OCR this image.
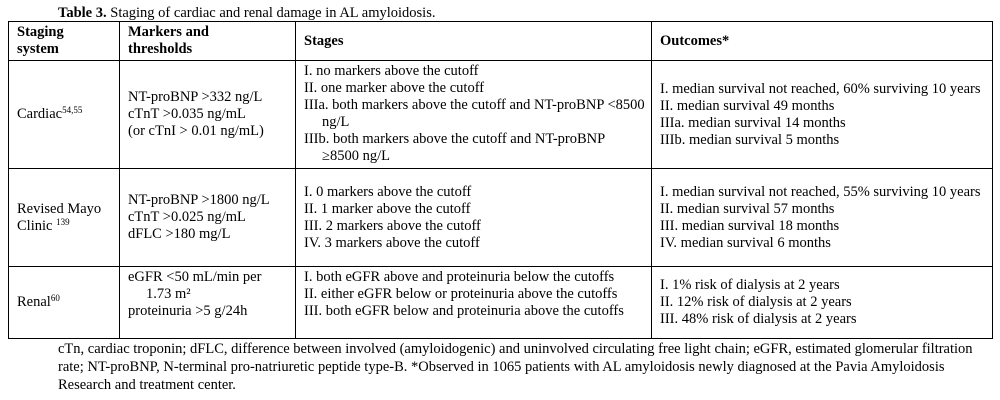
Table 3. Staging of cardiac and renal damage in AL amyloidosis.
Staging
system	Markers and
thresholds	Stages	Outcomes*
Cardiac$^{54,55}$	NT-proBNP >332 ng/L
cTnT >0.035 ng/mL
(or cTnI > 0.01 ng/mL)	I. no markers above the cutoff
II. one marker above the cutoff
IIIa. both markers above the cutoff and NT-proBNP <8500 ng/L
IIIb. both markers above the cutoff and NT-proBNP ≥8500 ng/L	I. median survival not reached, 60% surviving 10 years
II. median survival 49 months
IIIa. median survival 14 months
IIIb. median survival 5 months

Revised Mayo Clinic $^{139}$	NT-proBNP >1800 ng/L
cTnT >0.025 ng/mL
dFLC >180 mg/L	I. 0 markers above the cutoff
II. 1 marker above the cutoff
III. 2 markers above the cutoff
IV. 3 markers above the cutoff	I. median survival not reached, 55% surviving 10 years
II. median survival 57 months
III. median survival 18 months
IV. median survival 6 months

Renal$^{60}$	eGFR <50 mL/min per 1.73 m²
proteinuria >5 g/24h	I. both eGFR above and proteinuria below the cutoffs
II. either eGFR below or proteinuria above the cutoffs
III. both eGFR below and proteinuria above the cutoffs	I. 1% risk of dialysis at 2 years
II. 12% risk of dialysis at 2 years
III. 48% risk of dialysis at 2 years
cTn, cardiac troponin; dFLC, difference between involved (amyloidogenic) and uninvolved circulating free light chain; eGFR, estimated glomerular filtration rate; NT-proBNP, N-terminal pro-natriuretic peptide type-B. *Observed in 1065 patients with AL amyloidosis newly diagnosed at the Pavia Amyloidosis Research and treatment center.
